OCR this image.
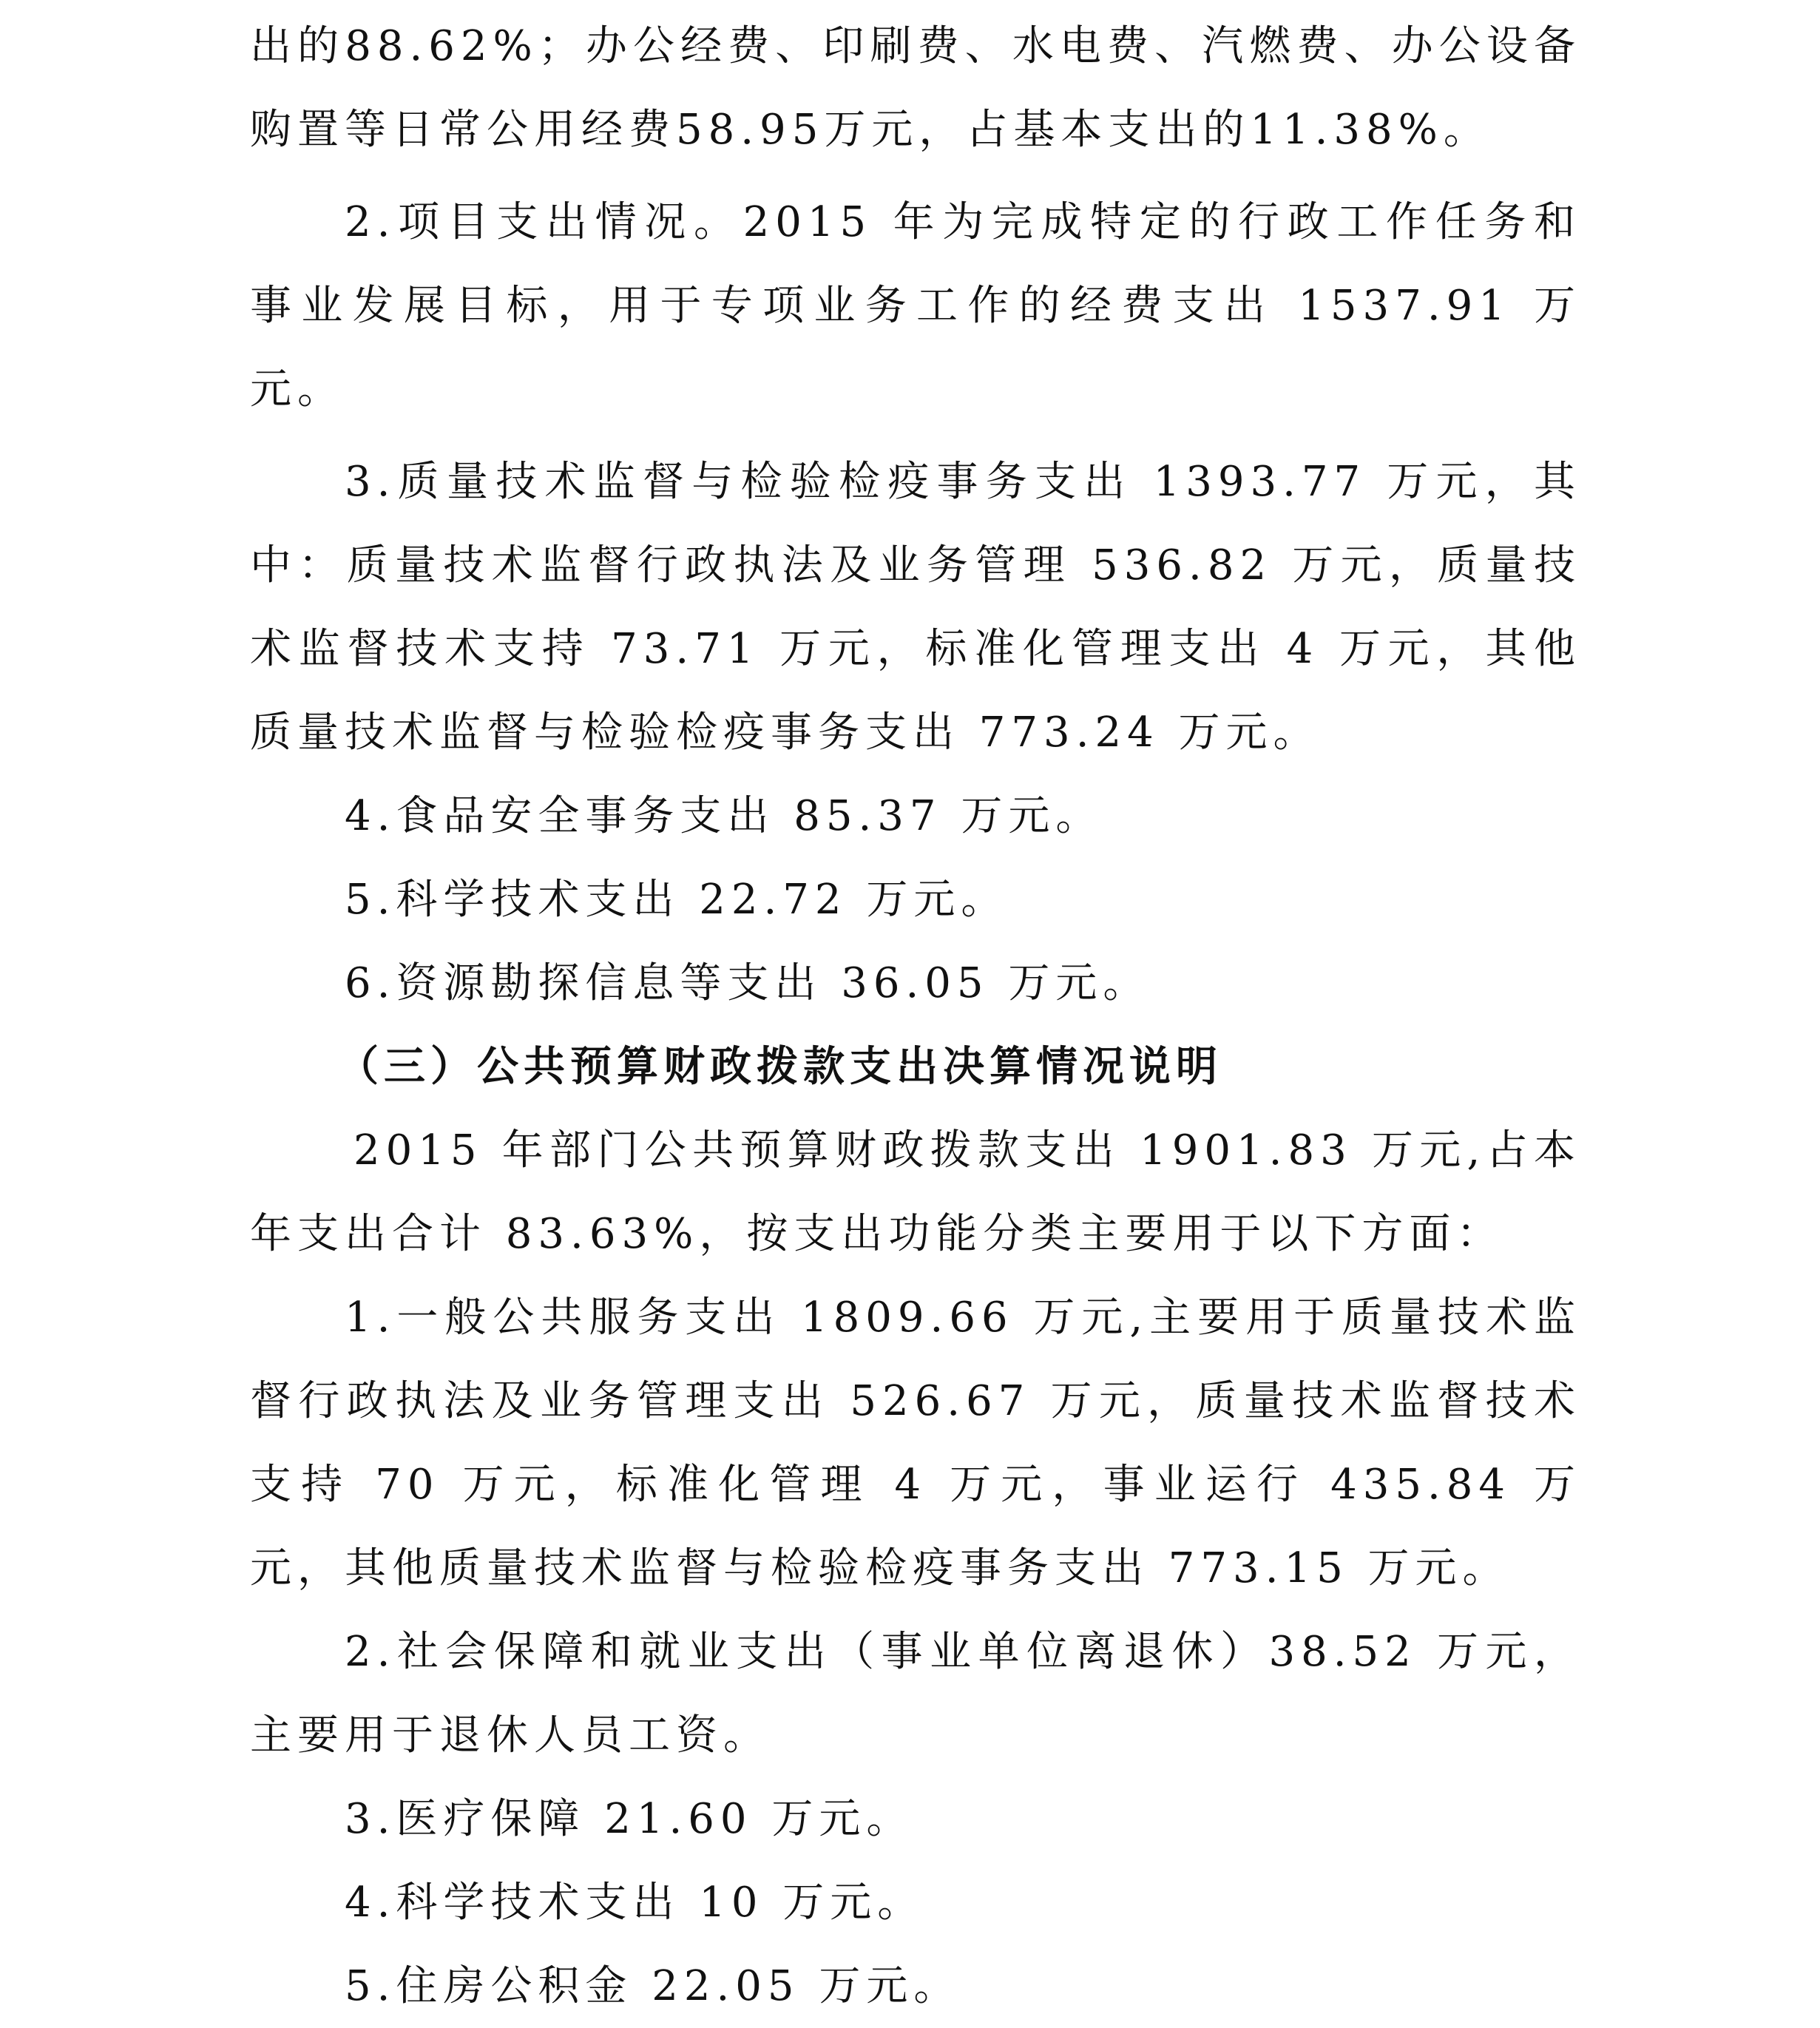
出的88.62%；办公经费、印刷费、水电费、汽燃费、办公设备购置等日常公用经费58.95万元，占基本支出的11.38%。

2.项目支出情况。2015 年为完成特定的行政工作任务和事业发展目标，用于专项业务工作的经费支出 1537.91 万元。

3.质量技术监督与检验检疫事务支出 1393.77 万元，其中：质量技术监督行政执法及业务管理 536.82 万元，质量技术监督技术支持 73.71 万元，标准化管理支出 4 万元，其他质量技术监督与检验检疫事务支出 773.24 万元。

4.食品安全事务支出 85.37 万元。

5.科学技术支出 22.72 万元。

6.资源勘探信息等支出 36.05 万元。

（三）公共预算财政拨款支出决算情况说明

2015 年部门公共预算财政拨款支出 1901.83 万元,占本年支出合计 83.63%，按支出功能分类主要用于以下方面：

1.一般公共服务支出 1809.66 万元,主要用于质量技术监督行政执法及业务管理支出 526.67 万元，质量技术监督技术支持 70 万元，标准化管理 4 万元，事业运行 435.84 万元，其他质量技术监督与检验检疫事务支出 773.15 万元。

2.社会保障和就业支出（事业单位离退休）38.52 万元，主要用于退休人员工资。

3.医疗保障 21.60 万元。

4.科学技术支出 10 万元。

5.住房公积金 22.05 万元。
